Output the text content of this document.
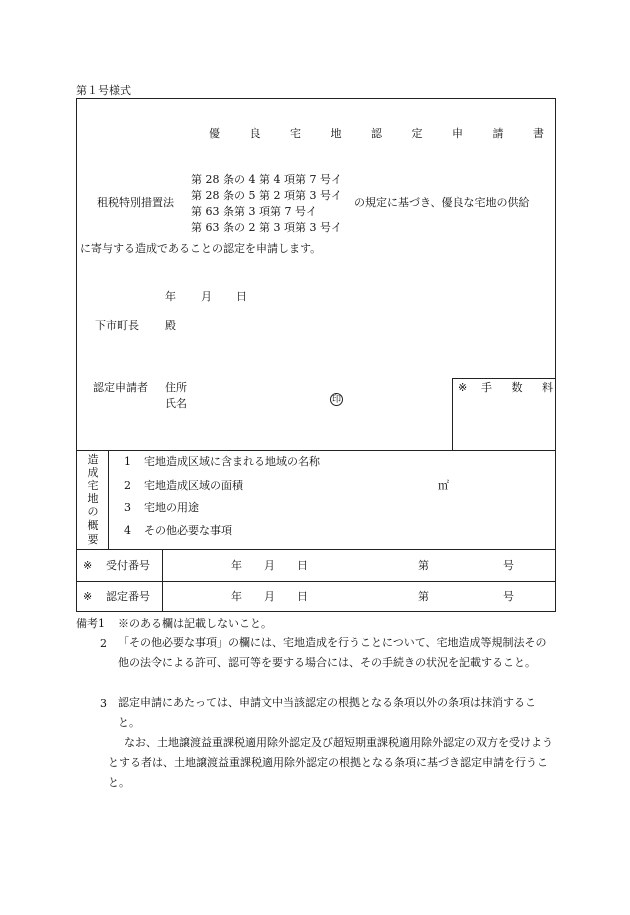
第１号様式
優 良 宅 地 認 定 申 請 書
租税特別措置法
第 28 条の 4 第 4 項第 7 号イ
第 28 条の 5 第 2 項第 3 号イ
第 63 条第 3 項第 7 号イ
第 63 条の 2 第 3 項第 3 号イ
の規定に基づき、優良な宅地の供給
に寄与する造成であることの認定を申請します。
年 月 日
下市町長 殿
※ 手 数 料
認定申請者 住所
氏名	印
造
成
宅
地
の
概
要
1 宅地造成区域に含まれる地域の名称
2 宅地造成区域の面積	㎡
3 宅地の用途
4 その他必要な事項
※ 受付番号	年 月 日	第	号
※ 認定番号	年 月 日	第	号
備考1 ※のある欄は記載しないこと。
2 「その他必要な事項」の欄には、宅地造成を行うことについて、宅地造成等規制法その他の法令による許可、認可等を要する場合には、その手続きの状況を記載すること。
3 認定申請にあたっては、申請文中当該認定の根拠となる条項以外の条項は抹消すること。
なお、土地譲渡益重課税適用除外認定及び超短期重課税適用除外認定の双方を受けようとする者は、土地譲渡益重課税適用除外認定の根拠となる条項に基づき認定申請を行うこと。
